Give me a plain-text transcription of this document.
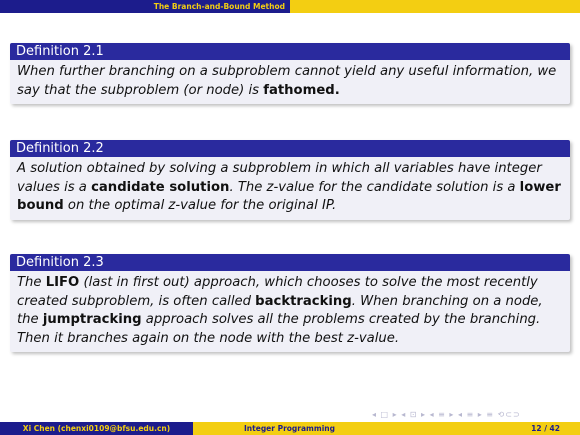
The Branch-and-Bound Method
Definition 2.1
When further branching on a subproblem cannot yield any useful information, we say that the subproblem (or node) is fathomed.
Definition 2.2
A solution obtained by solving a subproblem in which all variables have integer values is a candidate solution. The z-value for the candidate solution is a lower bound on the optimal z-value for the original IP.
Definition 2.3
The LIFO (last in first out) approach, which chooses to solve the most recently created subproblem, is often called backtracking. When branching on a node, the jumptracking approach solves all the problems created by the branching. Then it branches again on the node with the best z-value.
◂ □ ▸ ◂ ⊡ ▸ ◂ ≡ ▸ ◂ ≡ ▸ ≡ ⟲⊂⊃
Xi Chen (chenxi0109@bfsu.edu.cn)	Integer Programming	12 / 42
